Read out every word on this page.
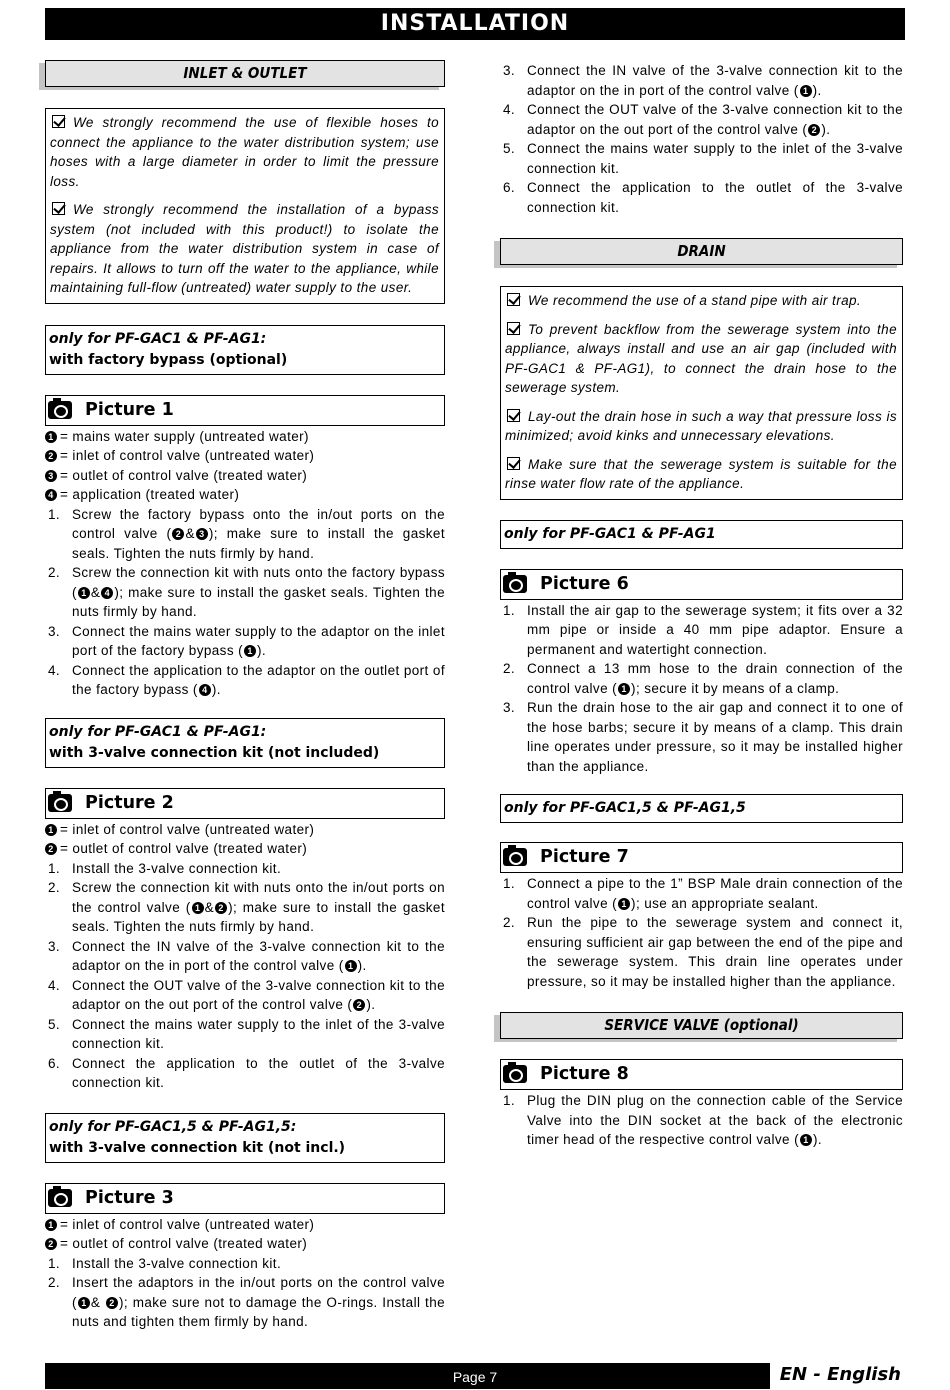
INSTALLATION
INLET & OUTLET

We strongly recommend the use of flexible hoses to connect the appliance to the water distribution system; use hoses with a large diameter in order to limit the pressure loss.

We strongly recommend the installation of a bypass system (not included with this product!) to isolate the appliance from the water distribution system in case of repairs. It allows to turn off the water to the appliance, while maintaining full-flow (untreated) water supply to the user.

only for PF-GAC1 & PF-AG1:
with factory bypass (optional)
Picture 1
1 = mains water supply (untreated water)
2 = inlet of control valve (untreated water)
3 = outlet of control valve (treated water)
4 = application (treated water)
1. Screw the factory bypass onto the in/out ports on the control valve ( 2 & 3 ); make sure to install the gasket seals. Tighten the nuts firmly by hand.
2. Screw the connection kit with nuts onto the factory bypass ( 1 & 4 ); make sure to install the gasket seals. Tighten the nuts firmly by hand.
3. Connect the mains water supply to the adaptor on the inlet port of the factory bypass ( 1 ).
4. Connect the application to the adaptor on the outlet port of the factory bypass ( 4 ).
only for PF-GAC1 & PF-AG1:
with 3-valve connection kit (not included)
Picture 2
1 = inlet of control valve (untreated water)
2 = outlet of control valve (treated water)
1. Install the 3-valve connection kit.
2. Screw the connection kit with nuts onto the in/out ports on the control valve ( 1 & 2 ); make sure to install the gasket seals. Tighten the nuts firmly by hand.
3. Connect the IN valve of the 3-valve connection kit to the adaptor on the in port of the control valve ( 1 ).
4. Connect the OUT valve of the 3-valve connection kit to the adaptor on the out port of the control valve ( 2 ).
5. Connect the mains water supply to the inlet of the 3-valve connection kit.
6. Connect the application to the outlet of the 3-valve connection kit.
only for PF-GAC1,5 & PF-AG1,5:
with 3-valve connection kit (not incl.)
Picture 3
1 = inlet of control valve (untreated water)
2 = outlet of control valve (treated water)
1. Install the 3-valve connection kit.
2. Insert the adaptors in the in/out ports on the control valve ( 1 & 2 ); make sure not to damage the O-rings. Install the nuts and tighten them firmly by hand.
3. Connect the IN valve of the 3-valve connection kit to the adaptor on the in port of the control valve ( 1 ).
4. Connect the OUT valve of the 3-valve connection kit to the adaptor on the out port of the control valve ( 2 ).
5. Connect the mains water supply to the inlet of the 3-valve connection kit.
6. Connect the application to the outlet of the 3-valve connection kit.
DRAIN

We recommend the use of a stand pipe with air trap.

To prevent backflow from the sewerage system into the appliance, always install and use an air gap (included with PF-GAC1 & PF-AG1), to connect the drain hose to the sewerage system.

Lay-out the drain hose in such a way that pressure loss is minimized; avoid kinks and unnecessary elevations.

Make sure that the sewerage system is suitable for the rinse water flow rate of the appliance.

only for PF-GAC1 & PF-AG1
Picture 6
1. Install the air gap to the sewerage system; it fits over a 32 mm pipe or inside a 40 mm pipe adaptor. Ensure a permanent and watertight connection.
2. Connect a 13 mm hose to the drain connection of the control valve ( 1 ); secure it by means of a clamp.
3. Run the drain hose to the air gap and connect it to one of the hose barbs; secure it by means of a clamp. This drain line operates under pressure, so it may be installed higher than the appliance.
only for PF-GAC1,5 & PF-AG1,5
Picture 7
1. Connect a pipe to the 1” BSP Male drain connection of the control valve ( 1 ); use an appropriate sealant.
2. Run the pipe to the sewerage system and connect it, ensuring sufficient air gap between the end of the pipe and the sewerage system. This drain line operates under pressure, so it may be installed higher than the appliance.
SERVICE VALVE (optional)
Picture 8
1. Plug the DIN plug on the connection cable of the Service Valve into the DIN socket at the back of the electronic timer head of the respective control valve ( 1 ).
Page 7	EN - English
